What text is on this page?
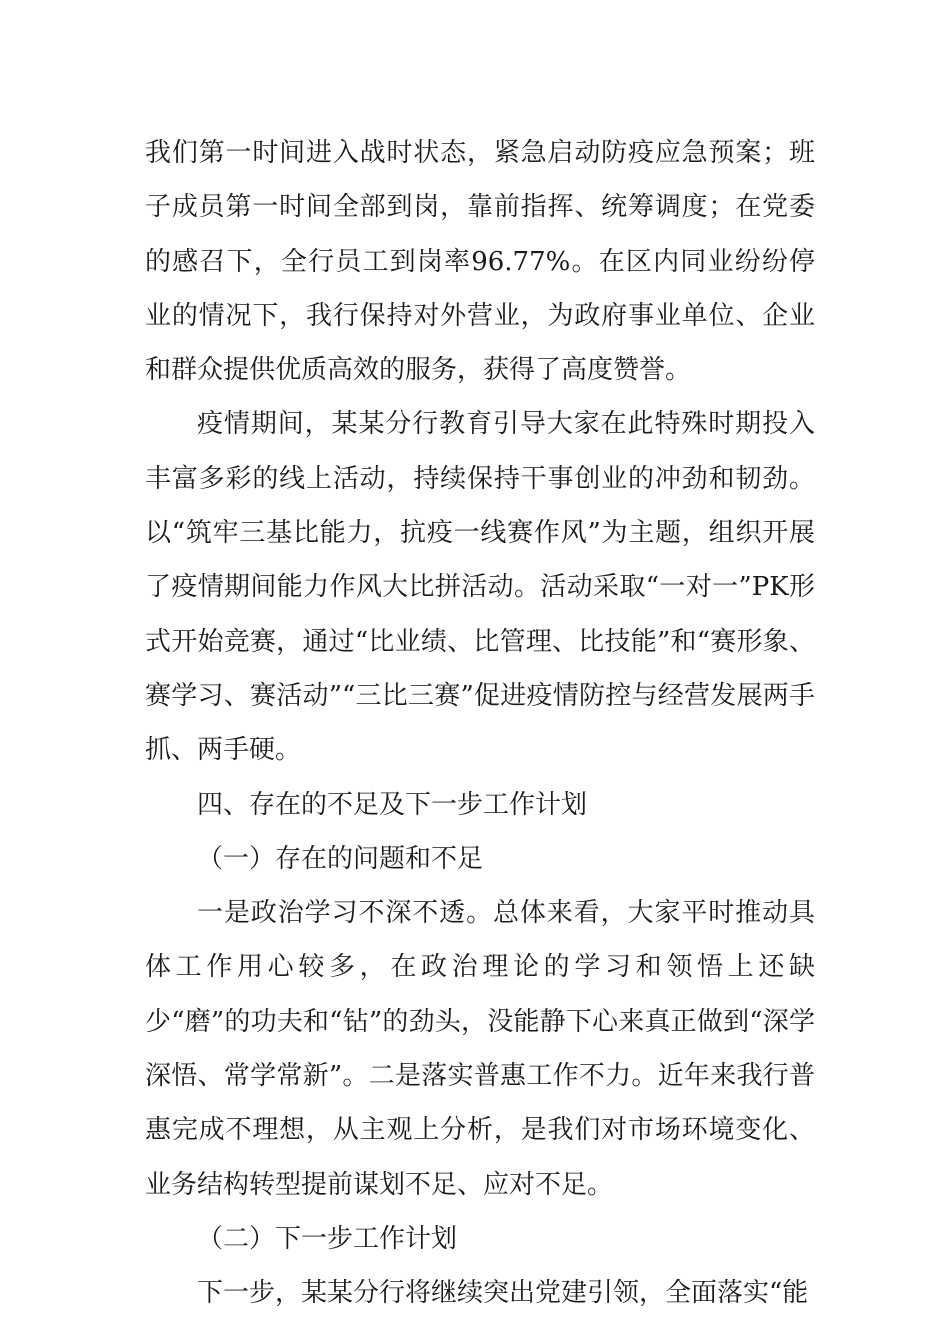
我们第一时间进入战时状态，紧急启动防疫应急预案；班子成员第一时间全部到岗，靠前指挥、统筹调度；在党委的感召下，全行员工到岗率96.77%。在区内同业纷纷停业的情况下，我行保持对外营业，为政府事业单位、企业和群众提供优质高效的服务，获得了高度赞誉。

疫情期间，某某分行教育引导大家在此特殊时期投入丰富多彩的线上活动，持续保持干事创业的冲劲和韧劲。以“筑牢三基比能力，抗疫一线赛作风”为主题，组织开展了疫情期间能力作风大比拼活动。活动采取“一对一”PK形式开始竞赛，通过“比业绩、比管理、比技能”和“赛形象、赛学习、赛活动”“三比三赛”促进疫情防控与经营发展两手抓、两手硬。

四、存在的不足及下一步工作计划

（一）存在的问题和不足

一是政治学习不深不透。总体来看，大家平时推动具体工作用心较多，在政治理论的学习和领悟上还缺少“磨”的功夫和“钻”的劲头，没能静下心来真正做到“深学深悟、常学常新”。二是落实普惠工作不力。近年来我行普惠完成不理想，从主观上分析，是我们对市场环境变化、业务结构转型提前谋划不足、应对不足。

（二）下一步工作计划

下一步，某某分行将继续突出党建引领，全面落实“能
